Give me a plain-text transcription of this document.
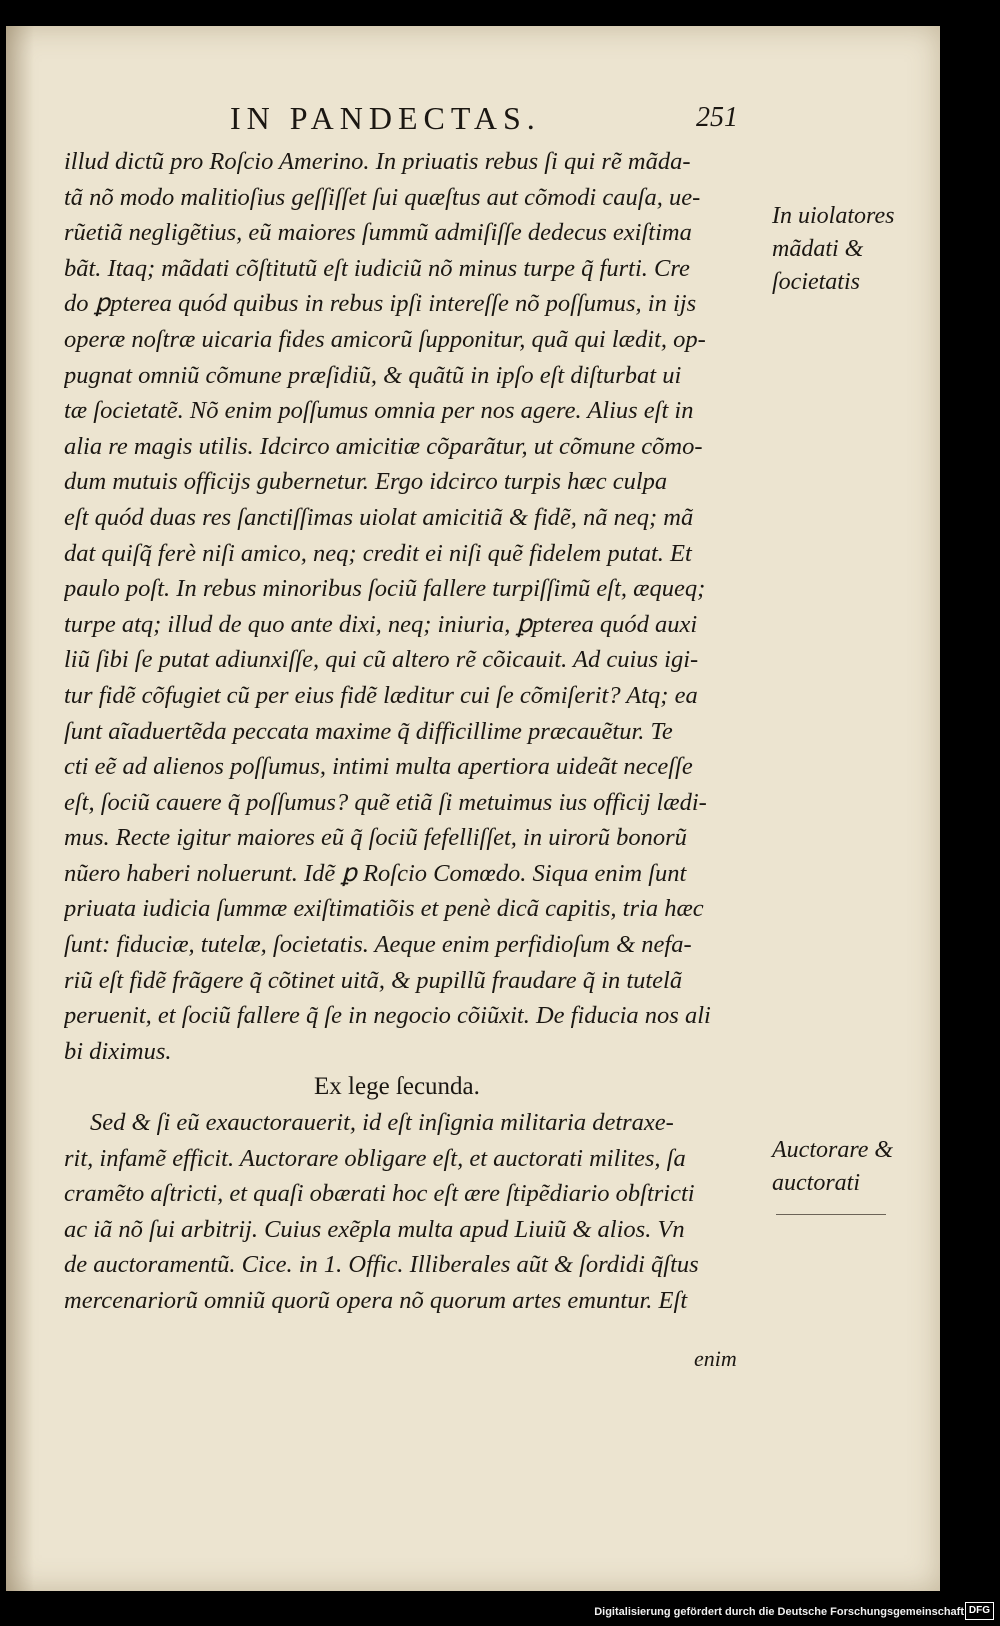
IN PANDECTAS.	251
illud dictũ pro Roſcio Amerino. In priuatis rebus ſi qui rẽ mãda-
tã nõ modo malitioſius geſſiſſet ſui quæſtus aut cõmodi cauſa, ue-
rũetiã negligẽtius, eũ maiores ſummũ admiſiſſe dedecus exiſtima
bãt. Itaq; mãdati cõſtitutũ eſt iudiciũ nõ minus turpe q̃ furti. Cre
do ꝑpterea quód quibus in rebus ipſi intereſſe nõ poſſumus, in ijs
operæ noſtræ uicaria fides amicorũ ſupponitur, quã qui lædit, op-
pugnat omniũ cõmune præſidiũ, & quãtũ in ipſo eſt diſturbat ui
tæ ſocietatẽ. Nõ enim poſſumus omnia per nos agere. Alius eſt in
alia re magis utilis. Idcirco amicitiæ cõparãtur, ut cõmune cõmo-
dum mutuis officijs gubernetur. Ergo idcirco turpis hæc culpa
eſt quód duas res ſanctiſſimas uiolat amicitiã & fidẽ, nã neq; mã
dat quiſq̃ ferè niſi amico, neq; credit ei niſi quẽ fidelem putat. Et
paulo poſt. In rebus minoribus ſociũ fallere turpiſſimũ eſt, æqueq;
turpe atq; illud de quo ante dixi, neq; iniuria, ꝑpterea quód auxi
liũ ſibi ſe putat adiunxiſſe, qui cũ altero rẽ cõicauit. Ad cuius igi-
tur fidẽ cõfugiet cũ per eius fidẽ læditur cui ſe cõmiſerit? Atq; ea
ſunt aĩaduertẽda peccata maxime q̃ difficillime præcauẽtur. Te
cti eẽ ad alienos poſſumus, intimi multa apertiora uideãt neceſſe
eſt, ſociũ cauere q̃ poſſumus? quẽ etiã ſi metuimus ius officij lædi-
mus. Recte igitur maiores eũ q̃ ſociũ fefelliſſet, in uirorũ bonorũ
nũero haberi noluerunt. Idẽ ꝑ Roſcio Comœdo. Siqua enim ſunt
priuata iudicia ſummæ exiſtimatiõis et penè dicã capitis, tria hæc
ſunt: fiduciæ, tutelæ, ſocietatis. Aeque enim perfidioſum & nefa-
riũ eſt fidẽ frãgere q̃ cõtinet uitã, & pupillũ fraudare q̃ in tutelã
peruenit, et ſociũ fallere q̃ ſe in negocio cõiũxit. De fiducia nos ali
bi diximus.
Ex lege ſecunda.
Sed & ſi eũ exauctorauerit, id eſt inſignia militaria detraxe-
rit, infamẽ efficit. Auctorare obligare eſt, et auctorati milites, ſa
cramẽto aſtricti, et quaſi obærati hoc eſt ære ſtipẽdiario obſtricti
ac iã nõ ſui arbitrij. Cuius exẽpla multa apud Liuiũ & alios. Vn
de auctoramentũ. Cice. in 1. Offic. Illiberales aũt & ſordidi q̃ſtus
mercenariorũ omniũ quorũ opera nõ quorum artes emuntur. Eſt
In uiolatores mãdati & ſocietatis
Auctorare & auctorati
enim
Digitalisierung gefördert durch die Deutsche Forschungsgemeinschaft DFG
